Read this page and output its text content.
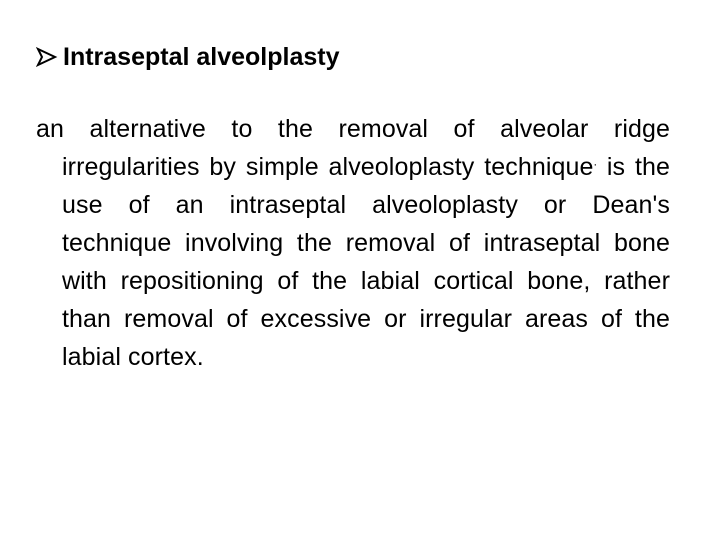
Intraseptal alveolplasty

an alternative to the removal of alveolar ridge irregularities by simple alveoloplasty technique. is the use of an intraseptal alveoloplasty or Dean's technique involving the removal of intraseptal bone with repositioning of the labial cortical bone, rather than removal of excessive or irregular areas of the labial cortex.
